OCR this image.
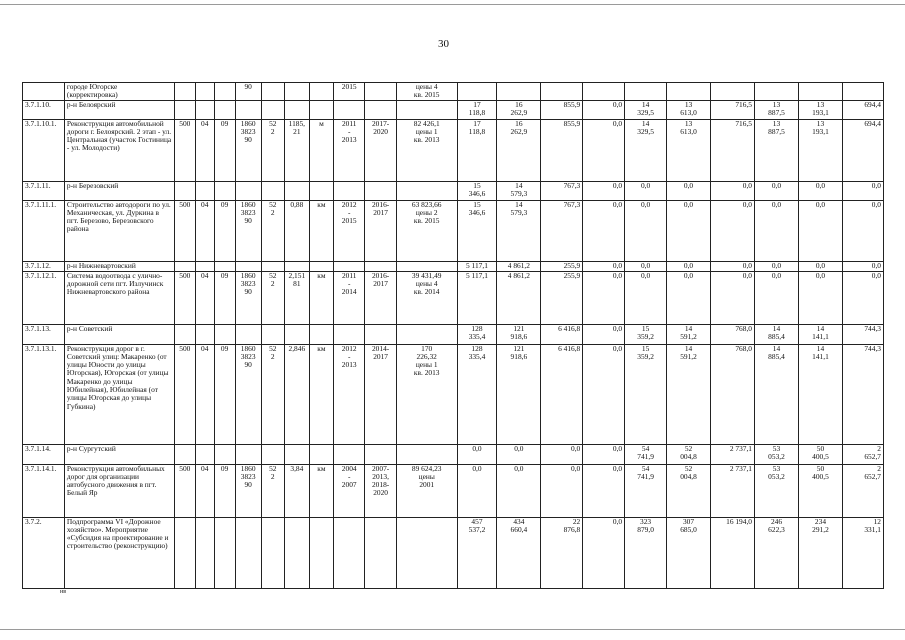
30
	городе Югорске
(корректировка)				90				2015		цены 4
кв. 2015										
3.7.1.10.	р-н Белоярский											17
118,8	16
262,9	855,9	0,0	14
329,5	13
613,0	716,5	13
887,5	13
193,1	694,4
3.7.1.10.1.	Реконструкция автомобильной дороги г. Белоярский. 2 этап - ул. Центральная (участок Гостиница - ул. Молодости)	500	04	09	1860
3823
90	52
2	1185,
21	м	2011
-
2013	2017-
2020	82 426,1
цены 1
кв. 2013	17
118,8	16
262,9	855,9	0,0	14
329,5	13
613,0	716,5	13
887,5	13
193,1	694,4
3.7.1.11.	р-н Березовский											15
346,6	14
579,3	767,3	0,0	0,0	0,0	0,0	0,0	0,0	0,0
3.7.1.11.1.	Строительство автодороги по ул. Механическая, ул. Дуркина в пгт. Березово, Березовского района	500	04	09	1860
3823
90	52
2	0,88	км	2012
-
2015	2016-
2017	63 823,66
цены 2
кв. 2015	15
346,6	14
579,3	767,3	0,0	0,0	0,0	0,0	0,0	0,0	0,0
3.7.1.12.	р-н Нижневартовский											5 117,1	4 861,2	255,9	0,0	0,0	0,0	0,0	0,0	0,0	0,0
3.7.1.12.1.	Система водоотвода с улично-дорожной сети пгт. Излучинск Нижневартовского района	500	04	09	1860
3823
90	52
2	2,151
81	км	2011
-
2014	2016-
2017	39 431,49
цены 4
кв. 2014	5 117,1	4 861,2	255,9	0,0	0,0	0,0	0,0	0,0	0,0	0,0
3.7.1.13.	р-н Советский											128
335,4	121
918,6	6 416,8	0,0	15
359,2	14
591,2	768,0	14
885,4	14
141,1	744,3
3.7.1.13.1.	Реконструкция дорог в г. Советский улиц: Макаренко (от улицы Юности до улицы Югорская), Югорская (от улицы Макаренко до улицы Юбилейная), Юбилейная (от улицы Югорская до улицы Губкина)	500	04	09	1860
3823
90	52
2	2,846	км	2012
-
2013	2014-
2017	170
226,32
цены 1
кв. 2013	128
335,4	121
918,6	6 416,8	0,0	15
359,2	14
591,2	768,0	14
885,4	14
141,1	744,3
3.7.1.14.	р-н Сургутский											0,0	0,0	0,0	0,0	54
741,9	52
004,8	2 737,1	53
053,2	50
400,5	2
652,7
3.7.1.14.1.	Реконструкция автомобильных дорог для организации автобусного движения в пгт. Белый Яр	500	04	09	1860
3823
90	52
2	3,84	км	2004
-
2007	2007-
2013,
2018-
2020	89 624,23
цены
2001	0,0	0,0	0,0	0,0	54
741,9	52
004,8	2 737,1	53
053,2	50
400,5	2
652,7
3.7.2.	Подпрограмма VI «Дорожное хозяйство». Мероприятие «Субсидия на проектирование и строительство (реконструкцию)											457
537,2	434
660,4	22
876,8	0,0	323
879,0	307
685,0	16 194,0	246
622,3	234
291,2	12
331,1
нв
